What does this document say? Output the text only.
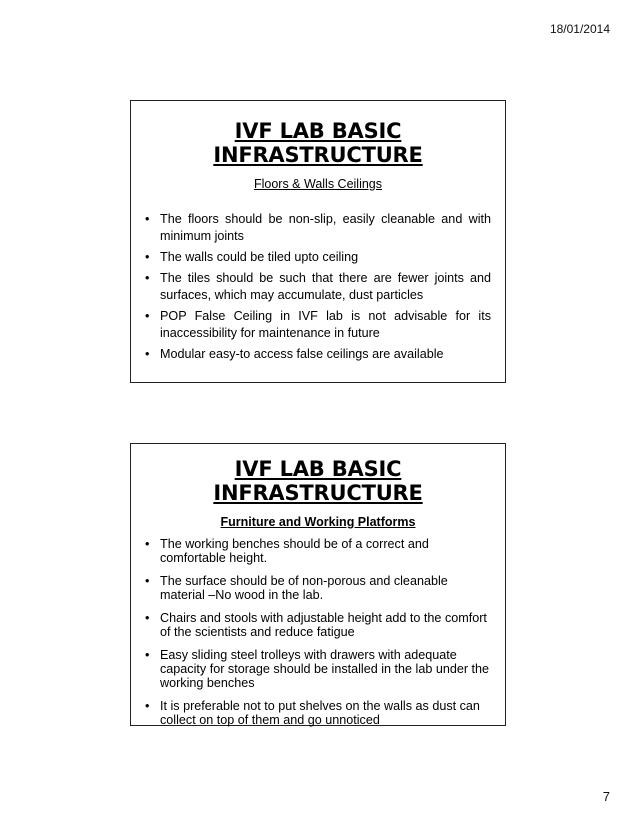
18/01/2014
IVF LAB BASIC INFRASTRUCTURE

Floors & Walls Ceilings

• The floors should be non-slip, easily cleanable and with minimum joints
• The walls could be tiled upto ceiling
• The tiles should be such that there are fewer joints and surfaces, which may accumulate, dust particles
• POP False Ceiling in IVF lab is not advisable for its inaccessibility for maintenance in future
• Modular easy-to access false ceilings are available
IVF LAB BASIC INFRASTRUCTURE

Furniture and Working Platforms

• The working benches should be of a correct and comfortable height.
• The surface should be of non-porous and cleanable material –No wood in the lab.
• Chairs and stools with adjustable height add to the comfort of the scientists and reduce fatigue
• Easy sliding steel trolleys with drawers with adequate capacity for storage should be installed in the lab under the working benches
• It is preferable not to put shelves on the walls as dust can collect on top of them and go unnoticed
7
